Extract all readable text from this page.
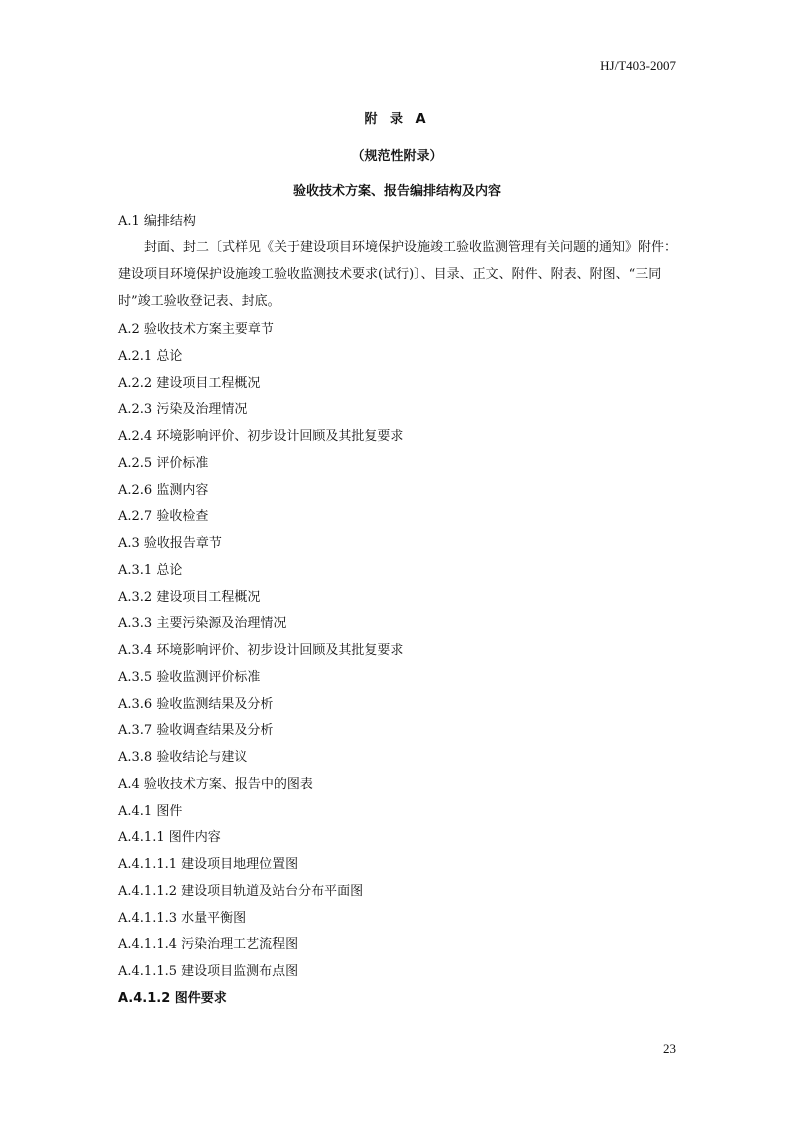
HJ/T403-2007
附 录 A
（规范性附录）
验收技术方案、报告编排结构及内容
A.1 编排结构
封面、封二〔式样见《关于建设项目环境保护设施竣工验收监测管理有关问题的通知》附件：建设项目环境保护设施竣工验收监测技术要求(试行)〕、目录、正文、附件、附表、附图、“三同时”竣工验收登记表、封底。
A.2 验收技术方案主要章节
A.2.1 总论
A.2.2 建设项目工程概况
A.2.3 污染及治理情况
A.2.4 环境影响评价、初步设计回顾及其批复要求
A.2.5 评价标准
A.2.6 监测内容
A.2.7 验收检查
A.3 验收报告章节
A.3.1 总论
A.3.2 建设项目工程概况
A.3.3 主要污染源及治理情况
A.3.4 环境影响评价、初步设计回顾及其批复要求
A.3.5 验收监测评价标准
A.3.6 验收监测结果及分析
A.3.7 验收调查结果及分析
A.3.8 验收结论与建议
A.4 验收技术方案、报告中的图表
A.4.1 图件
A.4.1.1 图件内容
A.4.1.1.1 建设项目地理位置图
A.4.1.1.2 建设项目轨道及站台分布平面图
A.4.1.1.3 水量平衡图
A.4.1.1.4 污染治理工艺流程图
A.4.1.1.5 建设项目监测布点图
A.4.1.2 图件要求
23
